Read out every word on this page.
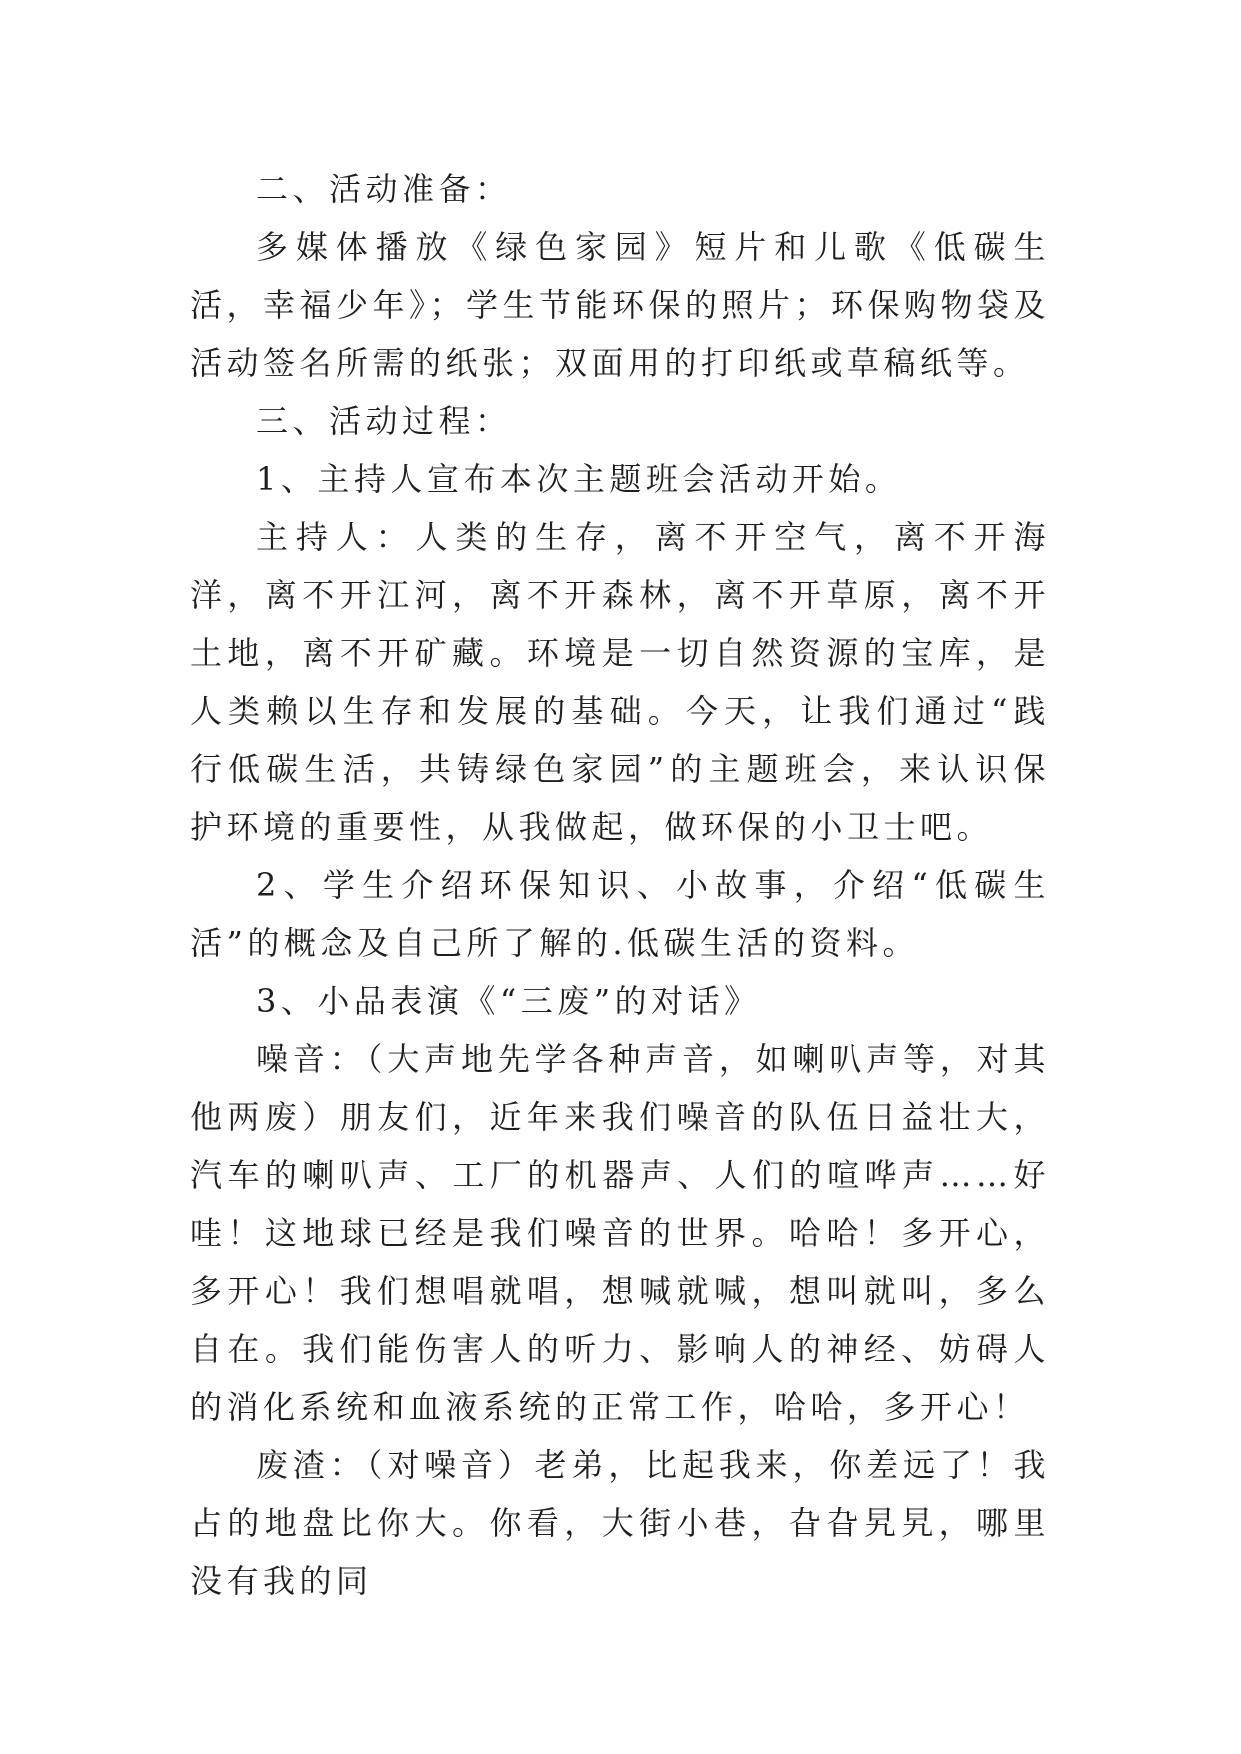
二、活动准备：

多媒体播放《绿色家园》短片和儿歌《低碳生活，幸福少年》；学生节能环保的照片；环保购物袋及活动签名所需的纸张；双面用的打印纸或草稿纸等。

三、活动过程：

1、主持人宣布本次主题班会活动开始。

主持人：人类的生存，离不开空气，离不开海洋，离不开江河，离不开森林，离不开草原，离不开土地，离不开矿藏。环境是一切自然资源的宝库，是人类赖以生存和发展的基础。今天，让我们通过“践行低碳生活，共铸绿色家园”的主题班会，来认识保护环境的重要性，从我做起，做环保的小卫士吧。

2、学生介绍环保知识、小故事，介绍“低碳生活”的概念及自己所了解的.低碳生活的资料。

3、小品表演《“三废”的对话》

噪音：（大声地先学各种声音，如喇叭声等，对其他两废）朋友们，近年来我们噪音的队伍日益壮大，汽车的喇叭声、工厂的机器声、人们的喧哗声……好哇！这地球已经是我们噪音的世界。哈哈！多开心，多开心！我们想唱就唱，想喊就喊，想叫就叫，多么自在。我们能伤害人的听力、影响人的神经、妨碍人的消化系统和血液系统的正常工作，哈哈，多开心！

废渣：（对噪音）老弟，比起我来，你差远了！我占的地盘比你大。你看，大街小巷，旮旮旯旯，哪里没有我的同
